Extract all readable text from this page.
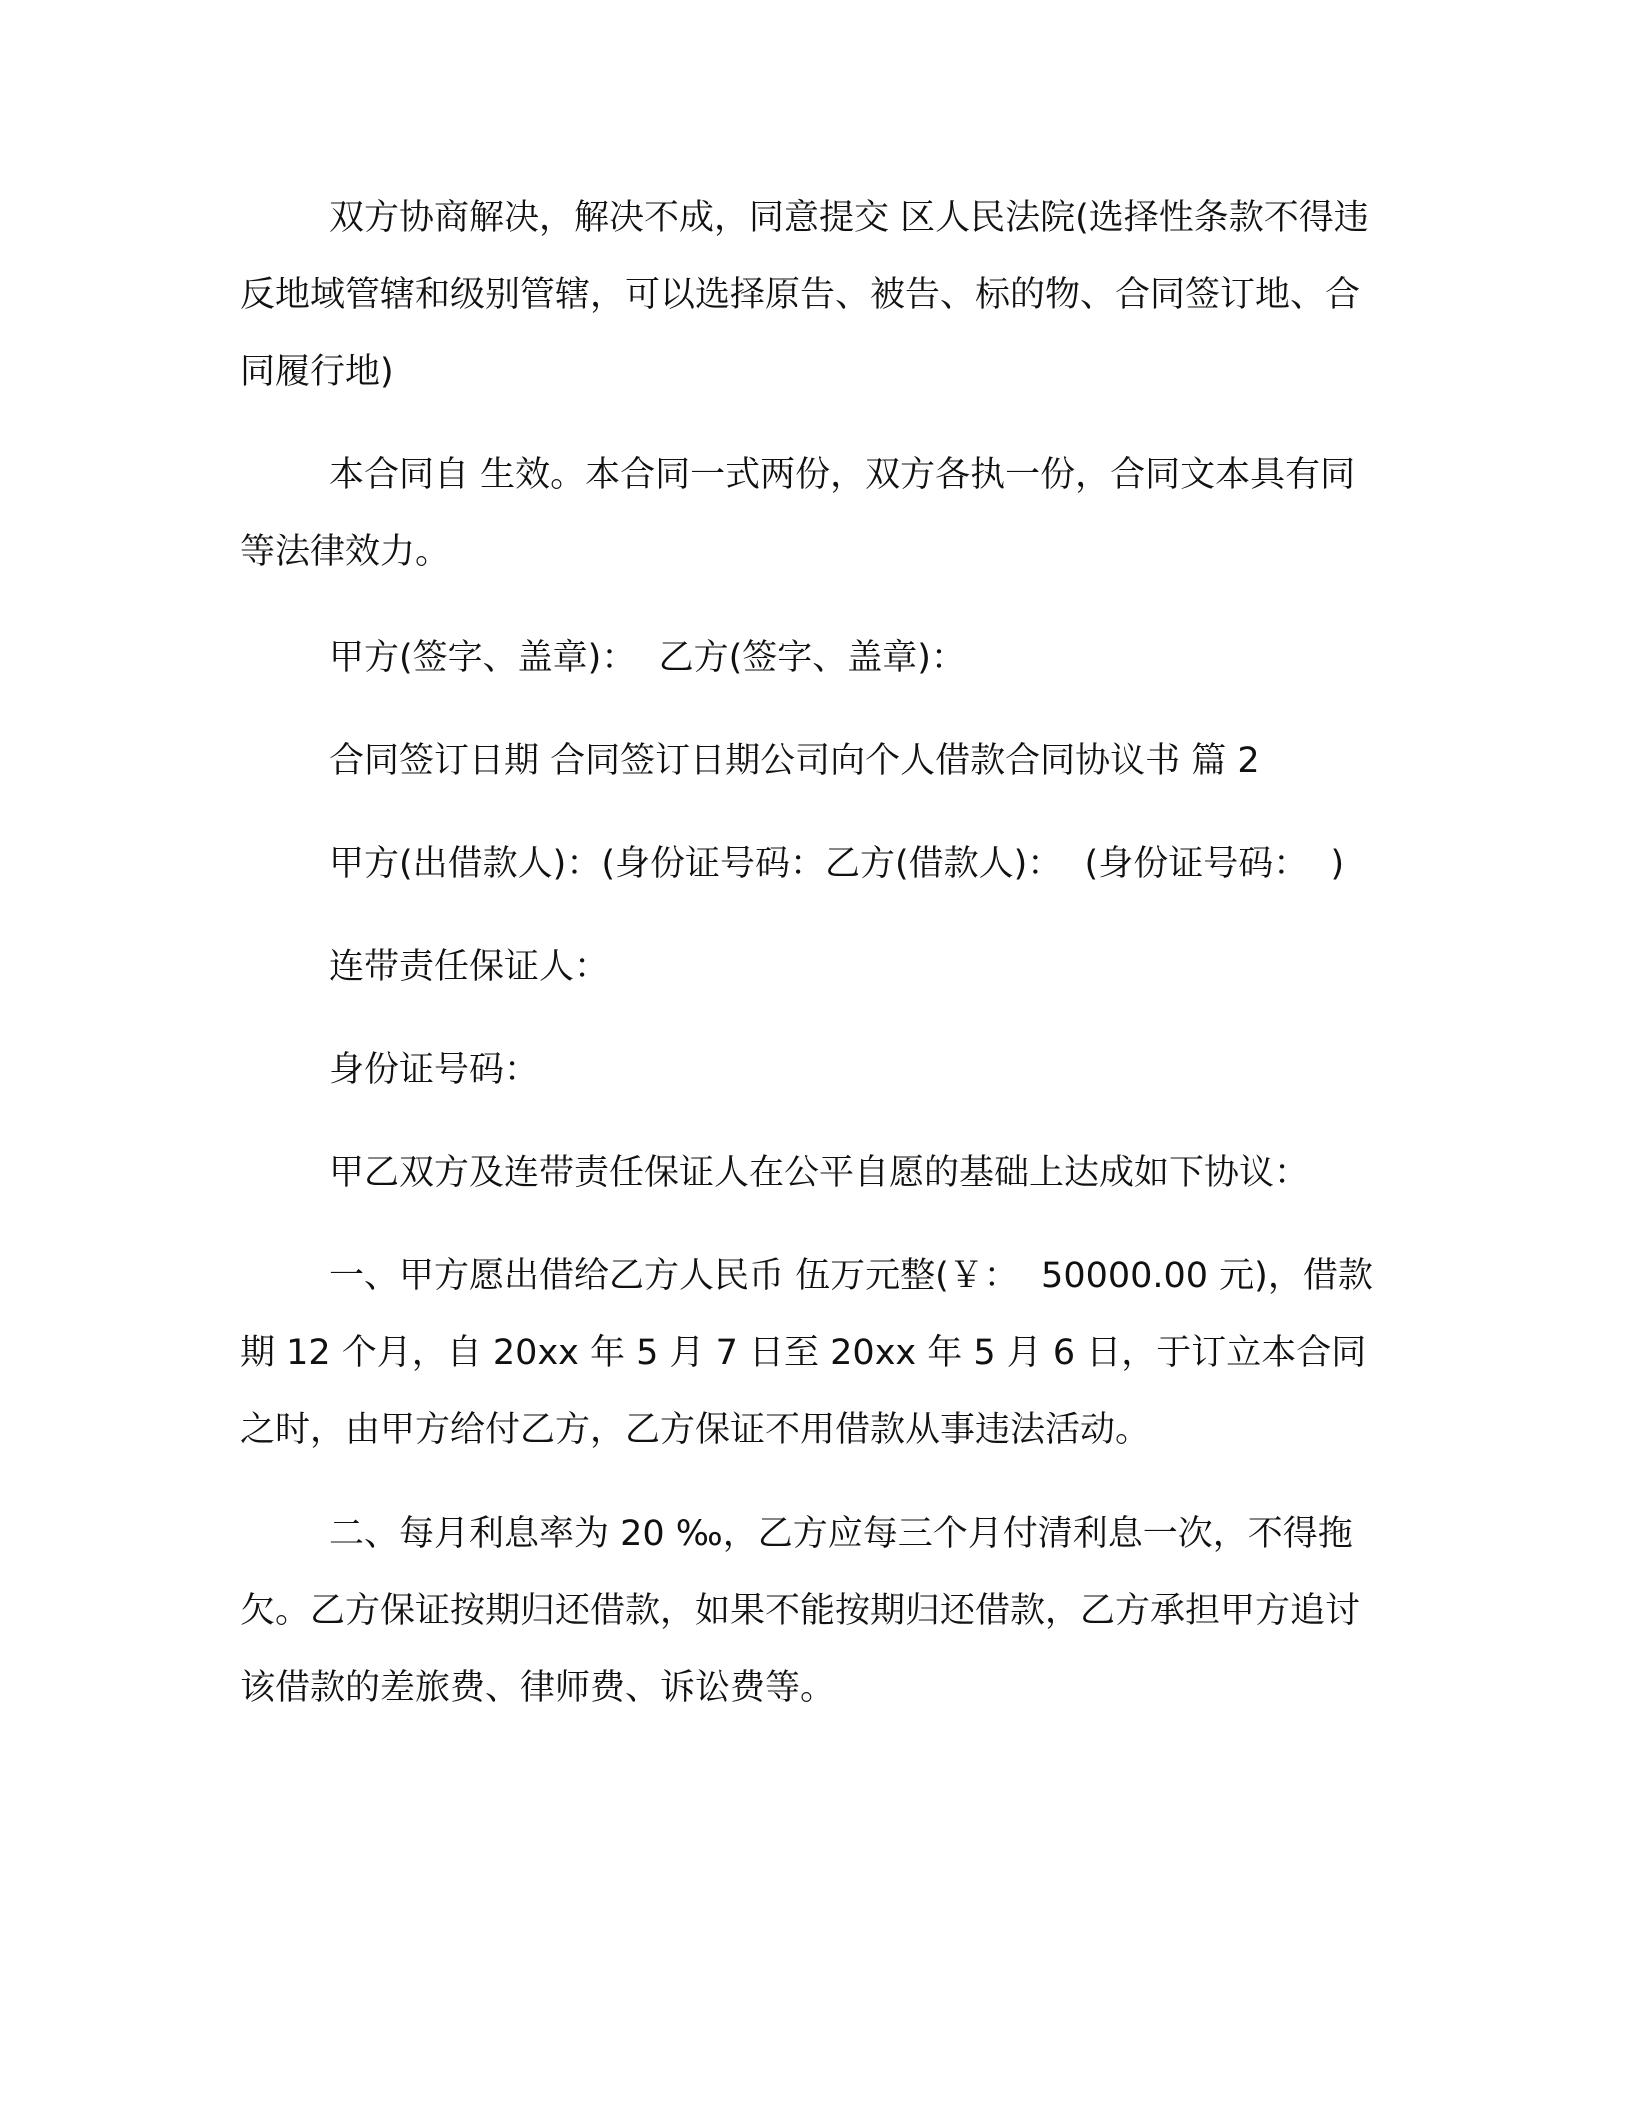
双方协商解决，解决不成，同意提交 区人民法院(选择性条款不得违反地域管辖和级别管辖，可以选择原告、被告、标的物、合同签订地、合同履行地)
本合同自 生效。本合同一式两份，双方各执一份，合同文本具有同等法律效力。
甲方(签字、盖章)：  乙方(签字、盖章)：
合同签订日期 合同签订日期公司向个人借款合同协议书 篇 2
甲方(出借款人)：(身份证号码：乙方(借款人)：  (身份证号码：  )
连带责任保证人：
身份证号码：
甲乙双方及连带责任保证人在公平自愿的基础上达成如下协议：
一、甲方愿出借给乙方人民币 伍万元整(￥：  50000.00 元)，借款期 12 个月，自 20xx 年 5 月 7 日至 20xx 年 5 月 6 日，于订立本合同之时，由甲方给付乙方，乙方保证不用借款从事违法活动。
二、每月利息率为 20 ‰，乙方应每三个月付清利息一次，不得拖欠。乙方保证按期归还借款，如果不能按期归还借款，乙方承担甲方追讨该借款的差旅费、律师费、诉讼费等。
